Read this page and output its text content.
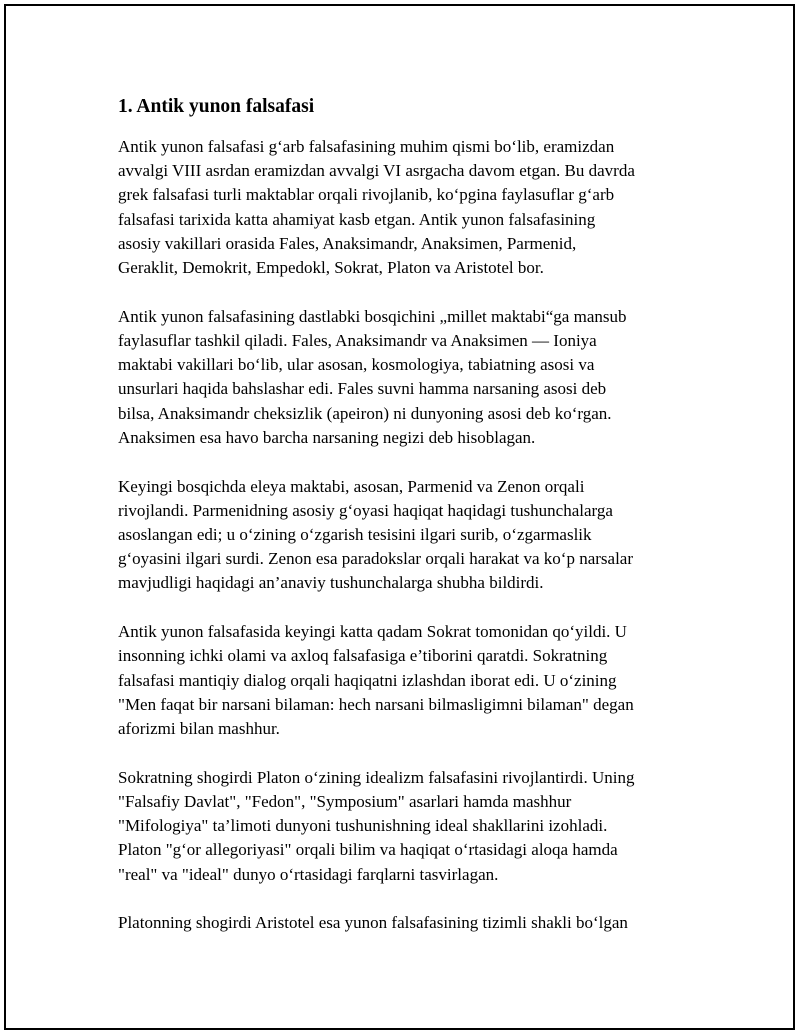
1. Antik yunon falsafasi
Antik yunon falsafasi g‘arb falsafasining muhim qismi bo‘lib, eramizdan
avvalgi VIII asrdan eramizdan avvalgi VI asrgacha davom etgan. Bu davrda
grek falsafasi turli maktablar orqali rivojlanib, ko‘pgina faylasuflar g‘arb
falsafasi tarixida katta ahamiyat kasb etgan. Antik yunon falsafasining
asosiy vakillari orasida Fales, Anaksimandr, Anaksimen, Parmenid,
Geraklit, Demokrit, Empedokl, Sokrat, Platon va Aristotel bor.
Antik yunon falsafasining dastlabki bosqichini „millet maktabi“ga mansub
faylasuflar tashkil qiladi. Fales, Anaksimandr va Anaksimen — Ioniya
maktabi vakillari bo‘lib, ular asosan, kosmologiya, tabiatning asosi va
unsurlari haqida bahslashar edi. Fales suvni hamma narsaning asosi deb
bilsa, Anaksimandr cheksizlik (apeiron) ni dunyoning asosi deb ko‘rgan.
Anaksimen esa havo barcha narsaning negizi deb hisoblagan.
Keyingi bosqichda eleya maktabi, asosan, Parmenid va Zenon orqali
rivojlandi. Parmenidning asosiy g‘oyasi haqiqat haqidagi tushunchalarga
asoslangan edi; u o‘zining o‘zgarish tesisini ilgari surib, o‘zgarmaslik
g‘oyasini ilgari surdi. Zenon esa paradokslar orqali harakat va ko‘p narsalar
mavjudligi haqidagi an’anaviy tushunchalarga shubha bildirdi.
Antik yunon falsafasida keyingi katta qadam Sokrat tomonidan qo‘yildi. U
insonning ichki olami va axloq falsafasiga e’tiborini qaratdi. Sokratning
falsafasi mantiqiy dialog orqali haqiqatni izlashdan iborat edi. U o‘zining
"Men faqat bir narsani bilaman: hech narsani bilmasligimni bilaman" degan
aforizmi bilan mashhur.
Sokratning shogirdi Platon o‘zining idealizm falsafasini rivojlantirdi. Uning
"Falsafiy Davlat", "Fedon", "Symposium" asarlari hamda mashhur
"Mifologiya" ta’limoti dunyoni tushunishning ideal shakllarini izohladi.
Platon "g‘or allegoriyasi" orqali bilim va haqiqat o‘rtasidagi aloqa hamda
"real" va "ideal" dunyo o‘rtasidagi farqlarni tasvirlagan.
Platonning shogirdi Aristotel esa yunon falsafasining tizimli shakli bo‘lgan
